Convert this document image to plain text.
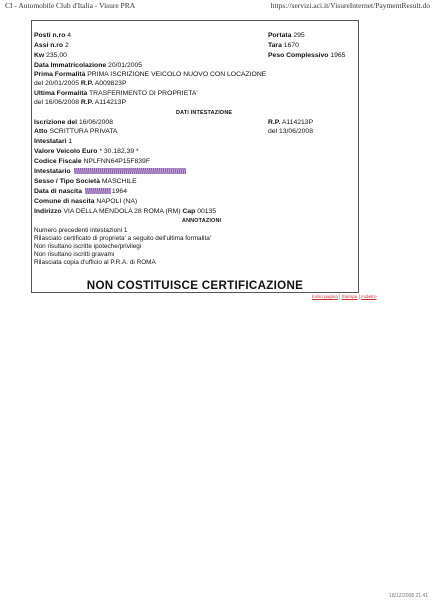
CI - Automobile Club d'Italia - Visure PRA	https://servizi.aci.it/VisureInternet/PaymentResult.do
Posti n.ro 4	Portata 295
Assi n.ro 2	Tara 1670
Kw 235,00	Peso Complessivo 1965
Data Immatricolazione 20/01/2005
Prima Formalità PRIMA ISCRIZIONE VEICOLO NUOVO CON LOCAZIONE
del 20/01/2005 R.P. A009823P
Ultima Formalità TRASFERIMENTO DI PROPRIETA'
del 16/06/2008 R.P. A114213P
DATI INTESTAZIONE
Iscrizione del 16/06/2008	R.P. A114213P
Atto SCRITTURA PRIVATA	del 13/06/2008
Intestatari 1
Valore Veicolo Euro * 30.182,39 *
Codice Fiscale NPLFNN64P15F839F
Intestatario
Sesso / Tipo Società MASCHILE
Data di nascita	1964
Comune di nascita NAPOLI (NA)
Indirizzo VIA DELLA MENDOLA 28 ROMA (RM) Cap 00135
ANNOTAZIONI
Numero precedenti intestazioni 1
Rilasciato certificato di proprieta' a seguito dell'ultima formalita'
Non risultano iscritte ipoteche/privilegi
Non risultano iscritti gravami
Rilasciata copia d'ufficio al P.R.A. di ROMA
NON COSTITUISCE CERTIFICAZIONE
Inizio pagina | Stampa | Indietro
18/12/2008 21.41
